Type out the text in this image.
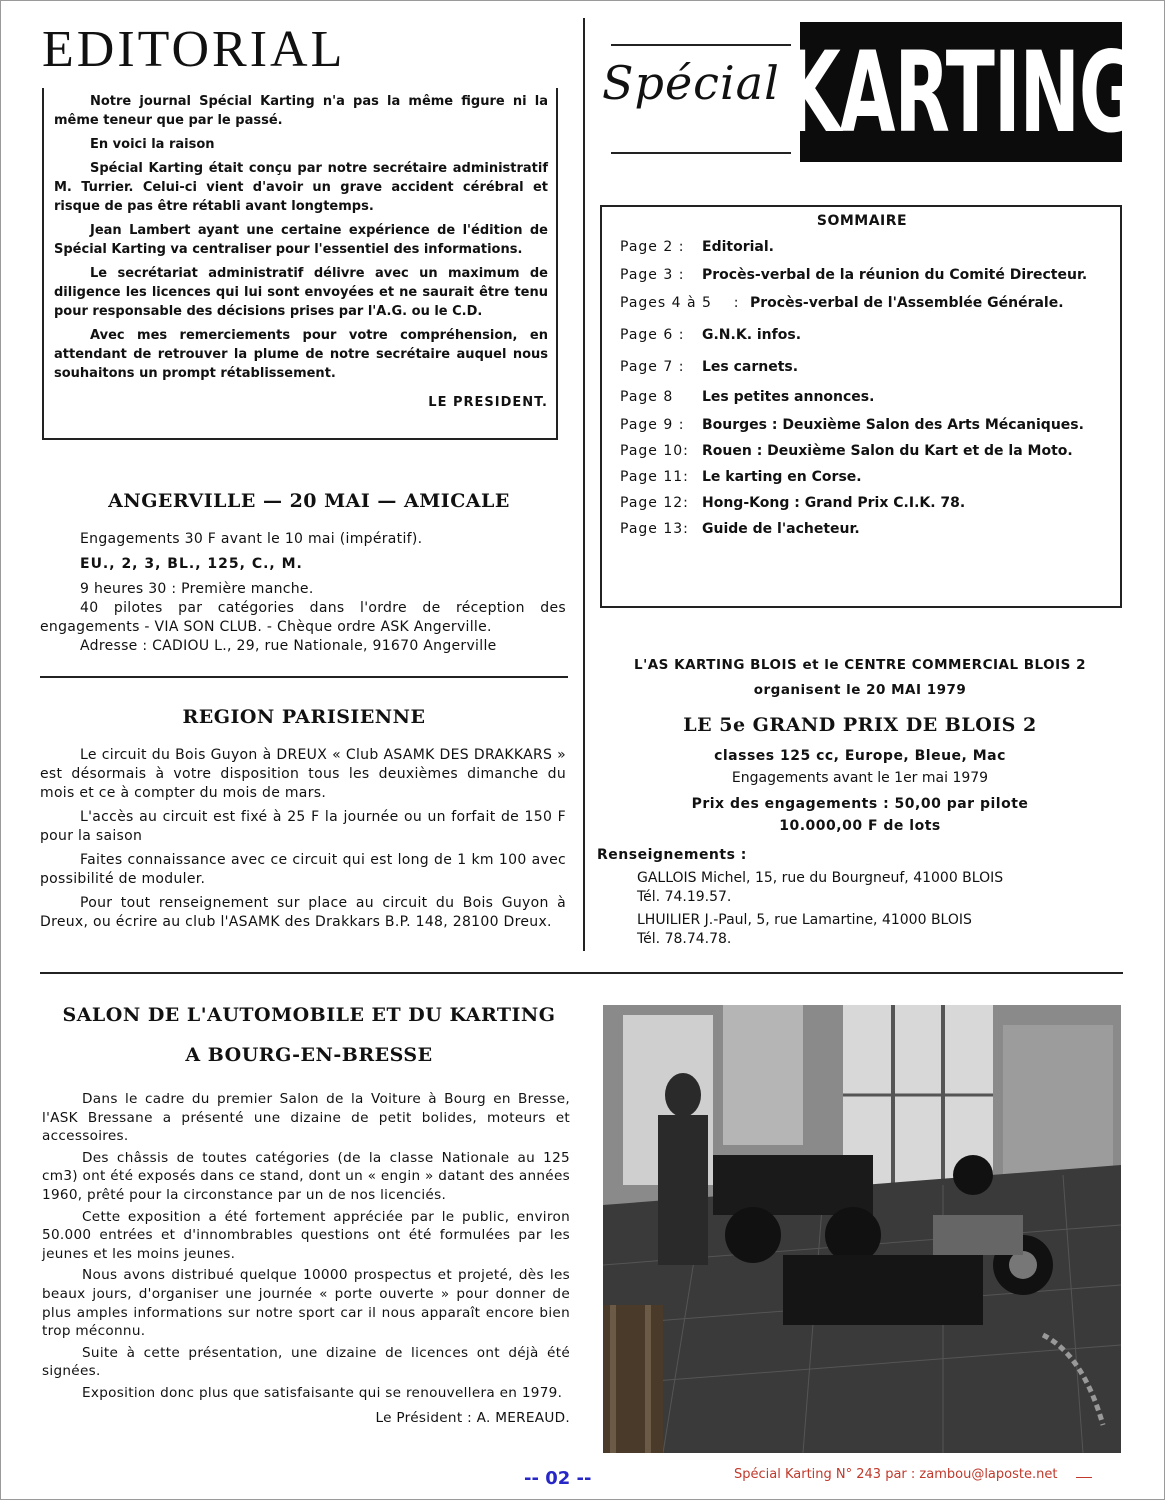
EDITORIAL

Notre journal Spécial Karting n'a pas la même figure ni la même teneur que par le passé.

En voici la raison

Spécial Karting était conçu par notre secrétaire administratif M. Turrier. Celui-ci vient d'avoir un grave accident cérébral et risque de pas être rétabli avant longtemps.

Jean Lambert ayant une certaine expérience de l'édition de Spécial Karting va centraliser pour l'essentiel des informations.

Le secrétariat administratif délivre avec un maximum de diligence les licences qui lui sont envoyées et ne saurait être tenu pour responsable des décisions prises par l'A.G. ou le C.D.

Avec mes remerciements pour votre compréhension, en attendant de retrouver la plume de notre secrétaire auquel nous souhaitons un prompt rétablissement.

LE PRESIDENT.
Spécial KARTING
SOMMAIRE
Page 2 :	Editorial.
Page 3 :	Procès-verbal de la réunion du Comité Directeur.
Pages 4 à 5    : Procès-verbal de l'Assemblée Générale.
Page 6 :	G.N.K. infos.
Page 7 :	Les carnets.
Page 8	Les petites annonces.
Page 9 :	Bourges : Deuxième Salon des Arts Mécaniques.
Page 10: Rouen : Deuxième Salon du Kart et de la Moto.
Page 11: Le karting en Corse.
Page 12: Hong-Kong : Grand Prix C.I.K. 78.
Page 13: Guide de l'acheteur.
ANGERVILLE — 20 MAI — AMICALE

Engagements 30 F avant le 10 mai (impératif).

EU., 2, 3, BL., 125, C., M.

9 heures 30 : Première manche.

40 pilotes par catégories dans l'ordre de réception des engagements - VIA SON CLUB. - Chèque ordre ASK Angerville.

Adresse : CADIOU L., 29, rue Nationale, 91670 Angerville

REGION PARISIENNE

Le circuit du Bois Guyon à DREUX « Club ASAMK DES DRAKKARS » est désormais à votre disposition tous les deuxièmes dimanche du mois et ce à compter du mois de mars.

L'accès au circuit est fixé à 25 F la journée ou un forfait de 150 F pour la saison

Faites connaissance avec ce circuit qui est long de 1 km 100 avec possibilité de moduler.

Pour tout renseignement sur place au circuit du Bois Guyon à Dreux, ou écrire au club l'ASAMK des Drakkars B.P. 148, 28100 Dreux.

L'AS KARTING BLOIS et le CENTRE COMMERCIAL BLOIS 2

organisent le 20 MAI 1979

LE 5e GRAND PRIX DE BLOIS 2

classes 125 cc, Europe, Bleue, Mac

Engagements avant le 1er mai 1979

Prix des engagements : 50,00 par pilote

10.000,00 F de lots

Renseignements :

GALLOIS Michel, 15, rue du Bourgneuf, 41000 BLOIS

Tél. 74.19.57.

LHUILIER J.-Paul, 5, rue Lamartine, 41000 BLOIS

Tél. 78.74.78.

SALON DE L'AUTOMOBILE ET DU KARTING
A BOURG-EN-BRESSE

Dans le cadre du premier Salon de la Voiture à Bourg en Bresse, l'ASK Bressane a présenté une dizaine de petit bolides, moteurs et accessoires.

Des châssis de toutes catégories (de la classe Nationale au 125 cm3) ont été exposés dans ce stand, dont un « engin » datant des années 1960, prêté pour la circonstance par un de nos licenciés.

Cette exposition a été fortement appréciée par le public, environ 50.000 entrées et d'innombrables questions ont été formulées par les jeunes et les moins jeunes.

Nous avons distribué quelque 10000 prospectus et projeté, dès les beaux jours, d'organiser une journée « porte ouverte » pour donner de plus amples informations sur notre sport car il nous apparaît encore bien trop méconnu.

Suite à cette présentation, une dizaine de licences ont déjà été signées.

Exposition donc plus que satisfaisante qui se renouvellera en 1979.

Le Président : A. MEREAUD.

-- 02 --	Spécial Karting N° 243 par : zambou@laposte.net
